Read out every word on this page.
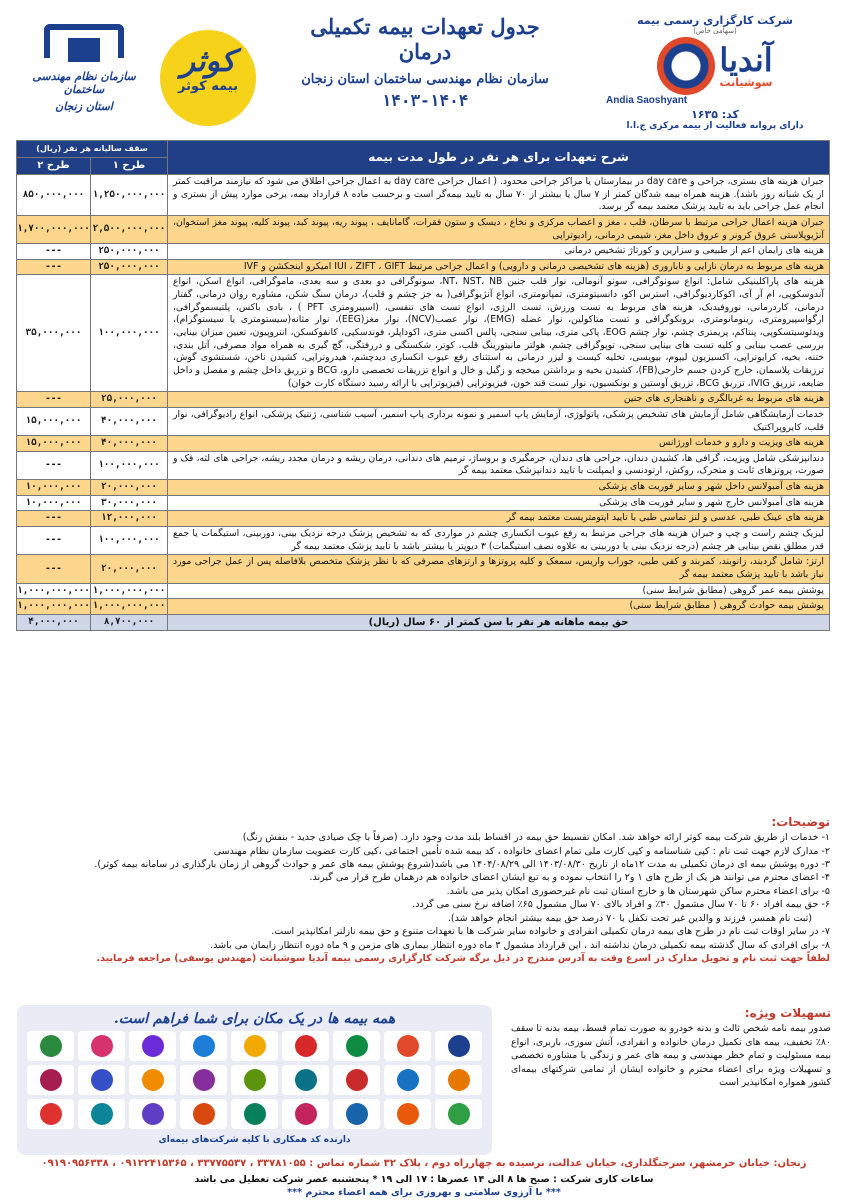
شرکت کارگزاری رسمی بیمه
(سهامی خاص)
آندیا
سوشیانت
Andia Saoshyant
کد: ۱۶۳۵
دارای پروانه فعالیت از بیمه مرکزی ج.ا.ا
جدول تعهدات بیمه تکمیلی درمان
سازمان نظام مهندسی ساختمان استان زنجان
۱۴۰۳-۱۴۰۴
کوثر
بیمه کوثر
سازمان نظام مهندسی ساختمان
استان زنجان
شرح تعهدات برای هر نفر در طول مدت بیمه	سقف سالیانه هر نفر (ریال)	
	طرح ۱	طرح ۲
جبران هزینه های بستری، جراحی و day care در بیمارستان یا مراکز جراحی محدود. ( اعمال جراحی day care به اعمال جراحی اطلاق می شود که نیازمند مراقبت کمتر از یک شبانه روز باشد). هزینه همراه بیمه شدگان کمتر از ۷ سال یا بیشتر از ۷۰ سال به تایید بیمه‌گر است و برحسب ماده ۸ قرارداد بیمه، برخی موارد پیش از بستری و انجام عمل جراحی باید به تایید پزشک معتمد بیمه گر برسد.	۱,۲۵۰,۰۰۰,۰۰۰	۸۵۰,۰۰۰,۰۰۰
جبران هزینه اعمال جراحی مرتبط با سرطان، قلب ، مغز و اعصاب مرکزی و نخاع ، دیسک و ستون فقرات، گامانایف ، پیوند ریه، پیوند کبد، پیوند کلیه، پیوند مغز استخوان، آنژیوپلاستی عروق کرونر و عروق داخل مغز، شیمی درمانی، رادیوتراپی	۲,۵۰۰,۰۰۰,۰۰۰	۱,۷۰۰,۰۰۰,۰۰۰
هزینه های زایمان اعم از طبیعی و سزارین و کورتاژ تشخیص درمانی	۲۵۰,۰۰۰,۰۰۰	---
هزینه های مربوط به درمان نازایی و ناباروری (هزینه های تشخیصی درمانی و دارویی) و اعمال جراحی مرتبط IUI ، ZIFT ، GIFT امیکرو اینجکشن و IVF	۲۵۰,۰۰۰,۰۰۰	---
هزینه های پاراکلینیکی شامل: انواع سونوگرافی، سونو آنومالی، نوار قلب جنین NT، NST، NB، سونوگرافی دو بعدی و سه بعدی، ماموگرافی، انواع اسکن، انواع آندوسکوپی، ام آر آی، اکوکاردیوگرافی، استرس اکو، دانسیتومتری، تمپانومتری، انواع آنژیوگرافی( به جز چشم و قلب)، درمان سنگ شکن، مشاوره روان درمانی، گفتار درمانی، کاردرمانی، نوروفیدبک، هزینه های مربوط به تست ورزش، تست الرژی، انواع تست های تنفسی، (اسپیرومتری PFT ) ، بادی باکس، پلتیسموگرافی، ارگواسپیرومتری، رینومانومتری، برونکوگرافی و تست متاکولین، نوار عضله (EMG)، نوار عصب(NCV)، نوار مغز(EEG)، نوار مثانه(سیستومتری یا سیستوگرام)، ویدئوسیتسکوپی، پنتاکم، پریمتری چشم، نوار چشم EOG، پاکی متری، بینایی سنجی، پالس اکسی متری، اکوداپلر، فوندسکپی، کانفوکسکن، انتروپیون، تعیین میزان بینایی، بررسی عصب بینایی و کلیه تست های بینایی سنجی، توپوگرافی چشم، هولتر مانیتورینگ قلب، کوتر، شکستگی و دررفتگی، گچ گیری به همراه مواد مصرفی، آتل بندی، ختنه، بخیه، کرایوتراپی، اکسیزیون لیپوم، بیوپسی، تخلیه کیست و لیزر درمانی به استثنای رفع عیوب انکساری دیدچشم، هیدروتراپی، کشیدن ناخن، شستشوی گوش، ترزیقات پلاسمان، خارج کردن جسم خارجی(FB)، کشیدن بخیه و برداشتن میخچه و زگیل و خال و انواع تزریقات تخصصی دارو، BCG و تزریق داخل چشم و مفصل و داخل ضایعه، تزریق IVIG، تزریق BCG، تزریق آوستین و بونکسیون، نوار تست قند خون، فیزیوتراپی (فیزیوتراپی با ارائه رسید دستگاه کارت خوان)	۱۰۰,۰۰۰,۰۰۰	۳۵,۰۰۰,۰۰۰
هزینه های مربوط به غربالگری و ناهنجاری های جنین	۲۵,۰۰۰,۰۰۰	---
خدمات آزمایشگاهی شامل آزمایش های تشخیص پزشکی، پاتولوژی، آزمایش پاپ اسمیر و نمونه برداری پاپ اسمیر، آسیب شناسی، ژنتیک پزشکی، انواع رادیوگرافی، نوار قلب، کایروپراکتیک	۴۰,۰۰۰,۰۰۰	۱۵,۰۰۰,۰۰۰
هزینه های ویزیت و دارو و خدمات اورژانس	۴۰,۰۰۰,۰۰۰	۱۵,۰۰۰,۰۰۰
دندانپزشکی شامل ویزیت، گرافی ها، کشیدن دندان، جراحی های دندان، جرمگیری و بروساژ، ترمیم های دندانی، درمان ریشه و درمان مجدد ریشه، جراحی های لثه، فک و صورت، پروتزهای ثابت و متحرک، روکش، ارتودنسی و ایمپلنت با تایید دندانپزشک معتمد بیمه گر	۱۰۰,۰۰۰,۰۰۰	---
هزینه های آمبولانس داخل شهر و سایر فوریت های پزشکی	۲۰,۰۰۰,۰۰۰	۱۰,۰۰۰,۰۰۰
هزینه های آمبولانس خارج شهر و سایر فوریت های پزشکی	۳۰,۰۰۰,۰۰۰	۱۰,۰۰۰,۰۰۰
هزینه های عینک طبی، عدسی و لنز تماسی طبی با تایید اپتومتریست معتمد بیمه گر	۱۲,۰۰۰,۰۰۰	---
لیزیک چشم راست و چپ و جبران هزینه های جراحی مرتبط به رفع عیوب انکساری چشم در مواردی که به تشخیص پزشک درجه نزدیک بینی، دوربینی، استیگمات یا جمع قدر مطلق نقص بینایی هر چشم (درجه نزدیک بینی یا دوربینی به علاوه نصف استیگمات) ۳ دیوپتر یا بیشتر باشد با تایید پزشک معتمد بیمه گر	۱۰۰,۰۰۰,۰۰۰	---
ارتز: شامل گردبند، زانوبند، کمربند و کفی طبی، جوراب واریس، سمعک و کلیه پروتزها و ارتزهای مصرفی که با نظر پزشک متخصص بلافاصله پس از عمل جراحی مورد نیاز باشد با تایید پزشک معتمد بیمه گر	۲۰,۰۰۰,۰۰۰	---
پوشش بیمه عمر گروهی (مطابق شرایط سنی)	۱,۰۰۰,۰۰۰,۰۰۰	۱,۰۰۰,۰۰۰,۰۰۰
پوشش بیمه حوادث گروهی ( مطابق شرایط سنی)	۱,۰۰۰,۰۰۰,۰۰۰	۱,۰۰۰,۰۰۰,۰۰۰
حق بیمه ماهانه هر نفر با سن کمتر از ۶۰ سال (ریال)	۸,۷۰۰,۰۰۰	۴,۰۰۰,۰۰۰
توضیحات:

۱- خدمات از طریق شرکت بیمه کوثر ارائه خواهد شد. امکان تقسیط حق بیمه در اقساط بلند مدت وجود دارد. (صرفاً با چک صیادی جدید - بنفش رنگ)

۲- مدارک لازم جهت ثبت نام : کپی شناسنامه و کپی کارت ملی تمام اعضای خانواده ، کد بیمه شده تأمین اجتماعی ،کپی کارت عضویت سازمان نظام مهندسی

۳- دوره پوشش بیمه ای درمان تکمیلی به مدت ۱۲ماه از تاریخ ۱۴۰۳/۰۸/۳۰ الی ۱۴۰۴/۰۸/۲۹ می باشد(شروع پوشش بیمه های عمر و حوادث گروهی از زمان بارگذاری در سامانه بیمه کوثر).

۴- اعضای محترم می توانند هر یک از طرح های ۱ و۲ را انتخاب نموده و به تبع ایشان اعضای خانواده هم درهمان طرح قرار می گیرند.

۵- برای اعضاء محترم ساکن شهرستان ها و خارج استان ثبت نام غیرحضوری امکان پذیر می باشد.

۶- حق بیمه افراد ۶۰ تا ۷۰ سال مشمول ۳۰٪ و افراد بالای ۷۰ سال مشمول ۶۵٪ اضافه نرخ سنی می گردد.

(ثبت نام همسر، فرزند و والدین غیر تحت تکفل با ۷۰ درصد حق بیمه بیشتر انجام خواهد شد).

۷- در سایر اوقات ثبت نام در طرح های بیمه درمان تکمیلی انفرادی و خانواده سایر شرکت ها با تعهدات متنوع و حق بیمه نازلتر امکانپذیر است.

۸- برای افرادی که سال گذشته بیمه تکمیلی درمان نداشته اند ، این قرارداد مشمول ۳ ماه دوره انتظار بیماری های مزمن و ۹ ماه دوره انتظار زایمان می باشد.

لطفاً جهت ثبت نام و تحویل مدارک در اسرع وقت به آدرس مندرج در ذیل برگه شرکت کارگزاری رسمی بیمه آندیا سوشیانت (مهندس یوسفی) مراجعه فرمایید.

تسهیلات ویژه:
صدور بیمه نامه شخص ثالث و بدنه خودرو به صورت تمام قسط، بیمه بدنه تا سقف ۸۰٪ تخفیف، بیمه های تکمیل درمان خانواده و انفرادی، آتش سوزی، باربری، انواع بیمه مسئولیت و تمام خطر مهندسی و بیمه های عمر و زندگی با مشاوره تخصصی و تسهیلات ویژه برای اعضاء محترم و خانواده ایشان از تمامی شرکتهای بیمه‌ای کشور همواره امکانپذیر است
همه بیمه ها در یک مکان برای شما فراهم است.
دارنده کد همکاری با کلیه شرکت‌های بیمه‌ای
زنجان: خیابان خرمشهر، سرجنگلداری، خیابان عدالت، نرسیده به چهارراه دوم ، پلاک ۳۲ شماره تماس : ۳۳۷۸۱۰۵۵ ، ۳۳۷۷۵۵۳۷ ، ۰۹۱۲۲۴۱۵۳۶۵ ، ۰۹۱۹۰۹۵۶۳۳۸
ساعات کاری شرکت : صبح ها ۸ الی ۱۴ عصرها : ۱۷ الی ۱۹ * پنجشنبه عصر شرکت تعطیل می باشد
*** با آرزوی سلامتی و بهروزی برای همه اعضاء محترم ***
